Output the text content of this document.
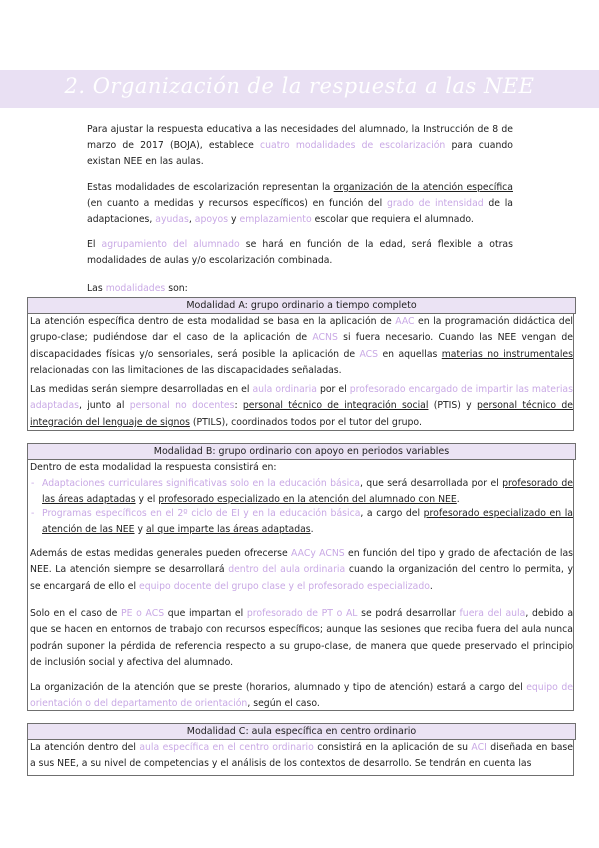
2. Organización de la respuesta a las NEE

Para ajustar la respuesta educativa a las necesidades del alumnado, la Instrucción de 8 de marzo de 2017 (BOJA), establece cuatro modalidades de escolarización para cuando existan NEE en las aulas.

Estas modalidades de escolarización representan la organización de la atención específica (en cuanto a medidas y recursos específicos) en función del grado de intensidad de la adaptaciones, ayudas, apoyos y emplazamiento escolar que requiera el alumnado.

El agrupamiento del alumnado se hará en función de la edad, será flexible a otras modalidades de aulas y/o escolarización combinada.

Las modalidades son:

Modalidad A: grupo ordinario a tiempo completo

La atención específica dentro de esta modalidad se basa en la aplicación de AAC en la programación didáctica del grupo-clase; pudiéndose dar el caso de la aplicación de ACNS si fuera necesario. Cuando las NEE vengan de discapacidades físicas y/o sensoriales, será posible la aplicación de ACS en aquellas materias no instrumentales relacionadas con las limitaciones de las discapacidades señaladas.

Las medidas serán siempre desarrolladas en el aula ordinaria por el profesorado encargado de impartir las materias adaptadas, junto al personal no docentes: personal técnico de integración social (PTIS) y personal técnico de integración del lenguaje de signos (PTILS), coordinados todos por el tutor del grupo.

Modalidad B: grupo ordinario con apoyo en periodos variables

Dentro de esta modalidad la respuesta consistirá en:

- Adaptaciones curriculares significativas solo en la educación básica, que será desarrollada por el profesorado de las áreas adaptadas y el profesorado especializado en la atención del alumnado con NEE.

- Programas específicos en el 2º ciclo de EI y en la educación básica, a cargo del profesorado especializado en la atención de las NEE y al que imparte las áreas adaptadas.

Además de estas medidas generales pueden ofrecerse AACy ACNS en función del tipo y grado de afectación de las NEE. La atención siempre se desarrollará dentro del aula ordinaria cuando la organización del centro lo permita, y se encargará de ello el equipo docente del grupo clase y el profesorado especializado.

Solo en el caso de PE o ACS que impartan el profesorado de PT o AL se podrá desarrollar fuera del aula, debido a que se hacen en entornos de trabajo con recursos específicos; aunque las sesiones que reciba fuera del aula nunca podrán suponer la pérdida de referencia respecto a su grupo-clase, de manera que quede preservado el principio de inclusión social y afectiva del alumnado.

La organización de la atención que se preste (horarios, alumnado y tipo de atención) estará a cargo del equipo de orientación o del departamento de orientación, según el caso.

Modalidad C: aula específica en centro ordinario

La atención dentro del aula específica en el centro ordinario consistirá en la aplicación de su ACI diseñada en base a sus NEE, a su nivel de competencias y el análisis de los contextos de desarrollo. Se tendrán en cuenta las
